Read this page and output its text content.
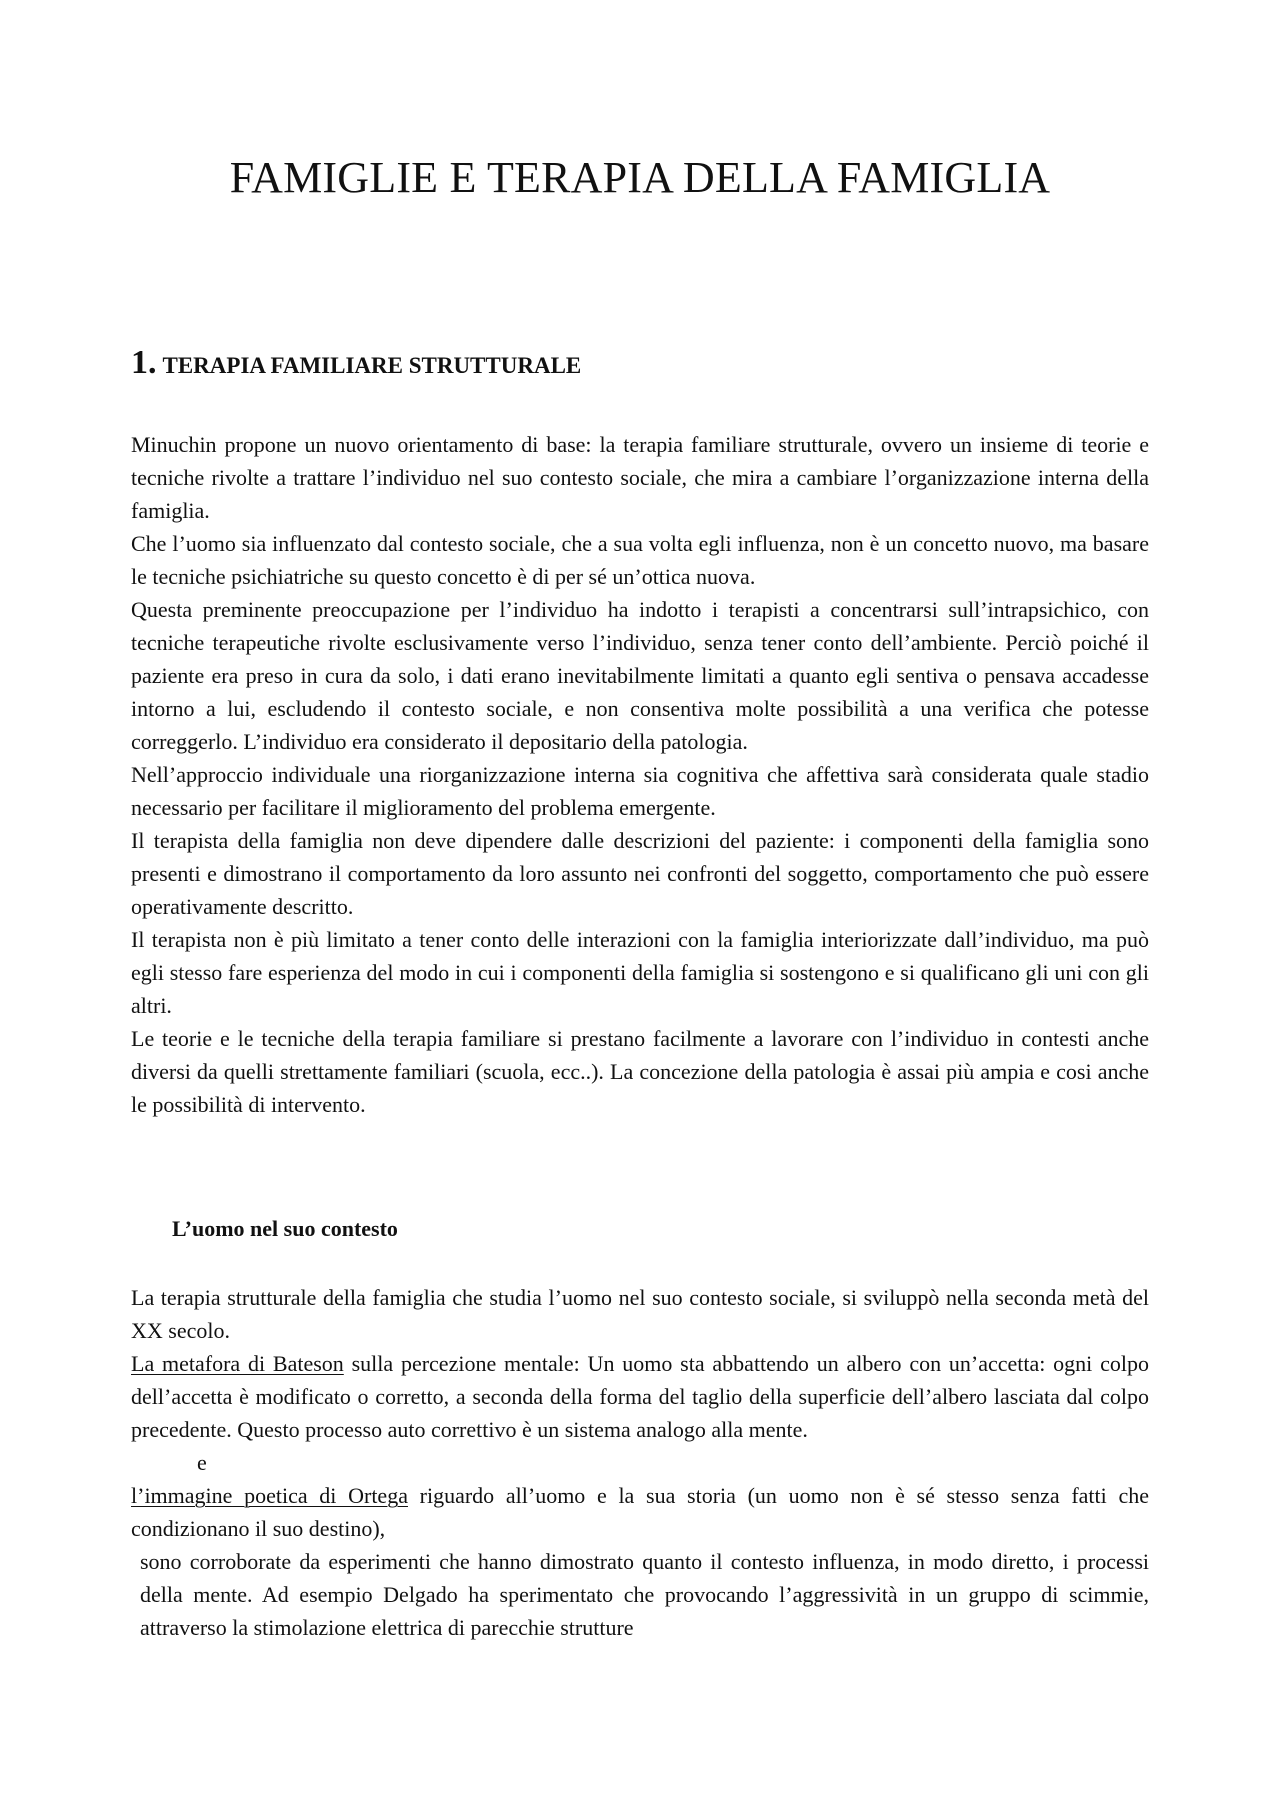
FAMIGLIE E TERAPIA DELLA FAMIGLIA
1. TERAPIA FAMILIARE STRUTTURALE

Minuchin propone un nuovo orientamento di base: la terapia familiare strutturale, ovvero un insieme di teorie e tecniche rivolte a trattare l’individuo nel suo contesto sociale, che mira a cambiare l’organizzazione interna della famiglia.

Che l’uomo sia influenzato dal contesto sociale, che a sua volta egli influenza, non è un concetto nuovo, ma basare le tecniche psichiatriche su questo concetto è di per sé un’ottica nuova.

Questa preminente preoccupazione per l’individuo ha indotto i terapisti a concentrarsi sull’intrapsichico, con tecniche terapeutiche rivolte esclusivamente verso l’individuo, senza tener conto dell’ambiente. Perciò poiché il paziente era preso in cura da solo, i dati erano inevitabilmente limitati a quanto egli sentiva o pensava accadesse intorno a lui, escludendo il contesto sociale, e non consentiva molte possibilità a una verifica che potesse correggerlo. L’individuo era considerato il depositario della patologia.

Nell’approccio individuale una riorganizzazione interna sia cognitiva che affettiva sarà considerata quale stadio necessario per facilitare il miglioramento del problema emergente.

Il terapista della famiglia non deve dipendere dalle descrizioni del paziente: i componenti della famiglia sono presenti e dimostrano il comportamento da loro assunto nei confronti del soggetto, comportamento che può essere operativamente descritto.

Il terapista non è più limitato a tener conto delle interazioni con la famiglia interiorizzate dall’individuo, ma può egli stesso fare esperienza del modo in cui i componenti della famiglia si sostengono e si qualificano gli uni con gli altri.

Le teorie e le tecniche della terapia familiare si prestano facilmente a lavorare con l’individuo in contesti anche diversi da quelli strettamente familiari (scuola, ecc..). La concezione della patologia è assai più ampia e cosi anche le possibilità di intervento.

L’uomo nel suo contesto

La terapia strutturale della famiglia che studia l’uomo nel suo contesto sociale, si sviluppò nella seconda metà del XX secolo.

La metafora di Bateson sulla percezione mentale: Un uomo sta abbattendo un albero con un’accetta: ogni colpo dell’accetta è modificato o corretto, a seconda della forma del taglio della superficie dell’albero lasciata dal colpo precedente. Questo processo auto correttivo è un sistema analogo alla mente.

e

l’immagine poetica di Ortega riguardo all’uomo e la sua storia (un uomo non è sé stesso senza fatti che condizionano il suo destino),

sono corroborate da esperimenti che hanno dimostrato quanto il contesto influenza, in modo diretto, i processi della mente. Ad esempio Delgado ha sperimentato che provocando l’aggressività in un gruppo di scimmie, attraverso la stimolazione elettrica di parecchie strutture
